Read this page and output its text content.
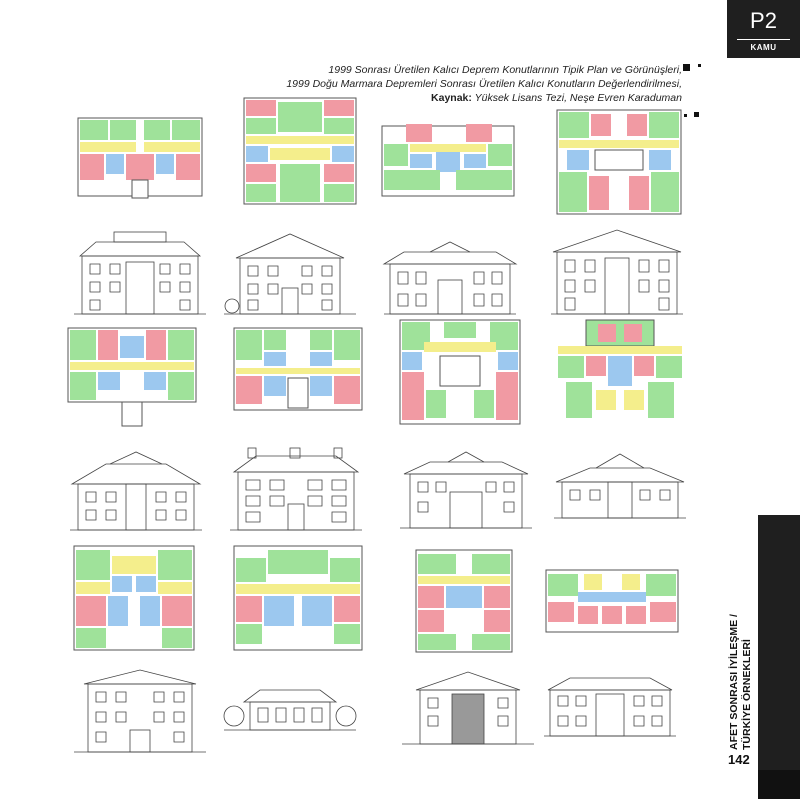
P2
KAMU
1999 Sonrası Üretilen Kalıcı Deprem Konutlarının Tipik Plan ve Görünüşleri,
1999 Doğu Marmara Depremleri Sonrası Üretilen Kalıcı Konutların Değerlendirilmesi,
Kaynak: Yüksek Lisans Tezi, Neşe Evren Karaduman
AFET SONRASI İYİLEŞME / TÜRKİYE ÖRNEKLERİ
142
